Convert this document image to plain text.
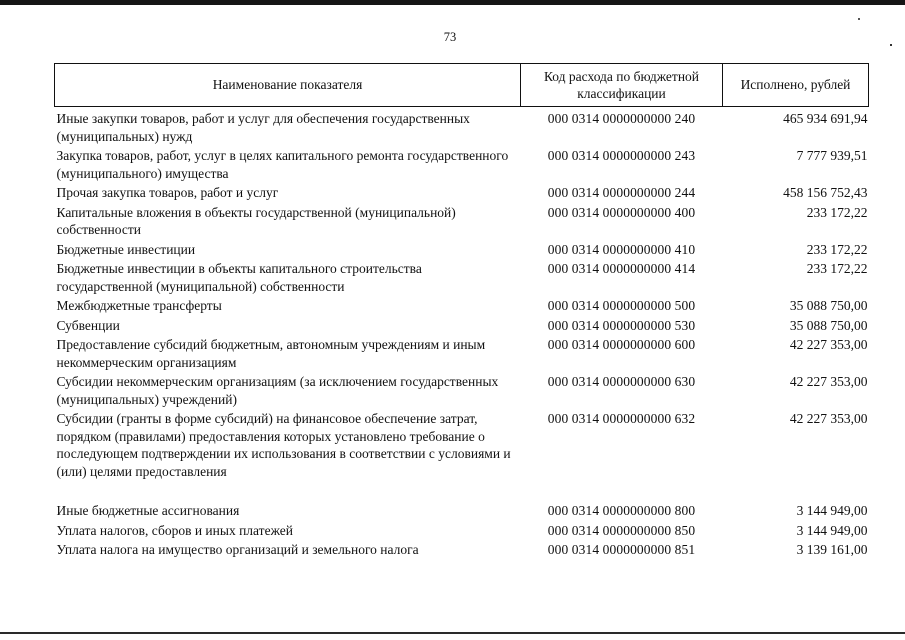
73
Наименование показателя	Код расхода по бюджетной классификации	Исполнено, рублей
Иные закупки товаров, работ и услуг для обеспечения государственных (муниципальных) нужд	000 0314 0000000000 240	465 934 691,94
Закупка товаров, работ, услуг в целях капитального ремонта государственного (муниципального) имущества	000 0314 0000000000 243	7 777 939,51
Прочая закупка товаров, работ и услуг	000 0314 0000000000 244	458 156 752,43
Капитальные вложения в объекты государственной (муниципальной) собственности	000 0314 0000000000 400	233 172,22
Бюджетные инвестиции	000 0314 0000000000 410	233 172,22
Бюджетные инвестиции в объекты капитального строительства государственной (муниципальной) собственности	000 0314 0000000000 414	233 172,22
Межбюджетные трансферты	000 0314 0000000000 500	35 088 750,00
Субвенции	000 0314 0000000000 530	35 088 750,00
Предоставление субсидий бюджетным, автономным учреждениям и иным некоммерческим организациям	000 0314 0000000000 600	42 227 353,00
Субсидии некоммерческим организациям (за исключением государственных (муниципальных) учреждений)	000 0314 0000000000 630	42 227 353,00
Субсидии (гранты в форме субсидий) на финансовое обеспечение затрат, порядком (правилами) предоставления которых установлено требование о последующем подтверждении их использования в соответствии с условиями и (или) целями предоставления	000 0314 0000000000 632	42 227 353,00

Иные бюджетные ассигнования	000 0314 0000000000 800	3 144 949,00
Уплата налогов, сборов и иных платежей	000 0314 0000000000 850	3 144 949,00
Уплата налога на имущество организаций и земельного налога	000 0314 0000000000 851	3 139 161,00
